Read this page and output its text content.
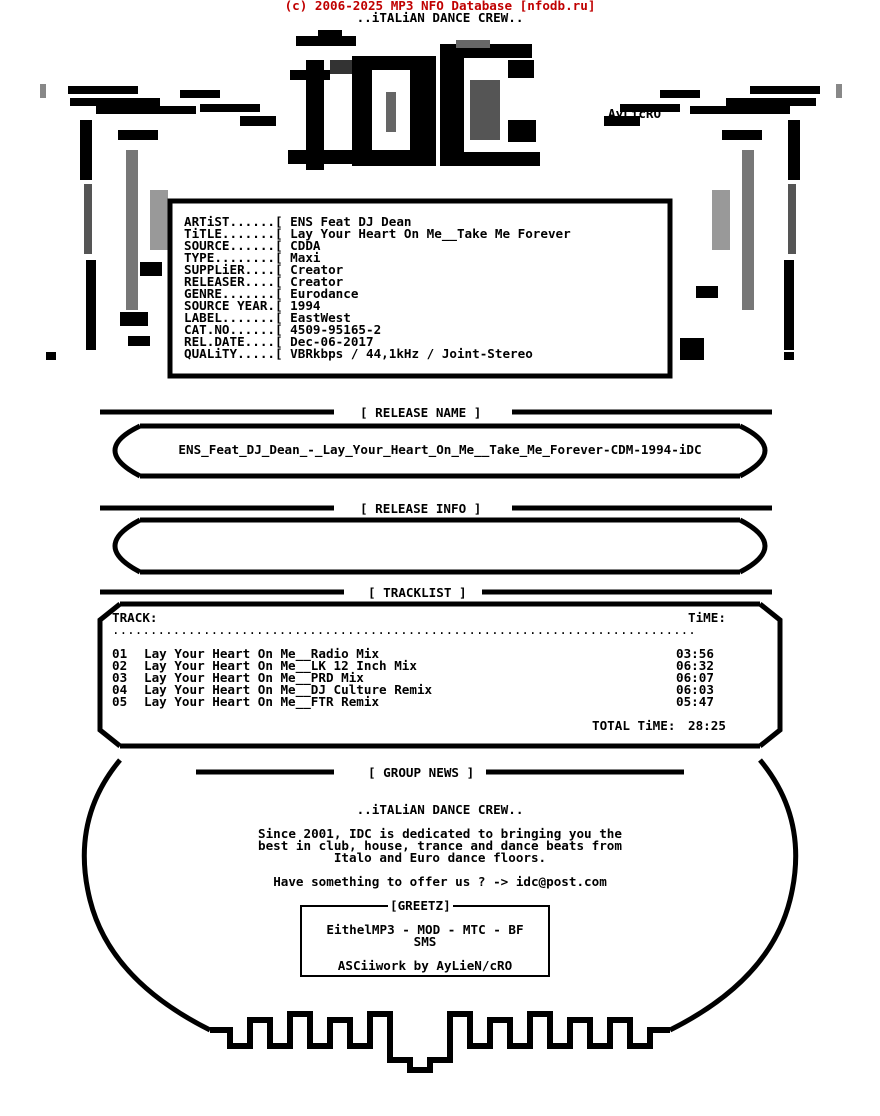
(c) 2006-2025 MP3 NFO Database [nfodb.ru]
..iTALiAN DANCE CREW..
AyLicRO
ARTiST......[ ENS Feat DJ Dean
TiTLE.......[ Lay Your Heart On Me__Take Me Forever
SOURCE......[ CDDA
TYPE........[ Maxi
SUPPLiER....[ Creator
RELEASER....[ Creator
GENRE.......[ Eurodance
SOURCE YEAR.[ 1994
LABEL.......[ EastWest
CAT.NO......[ 4509-95165-2
REL.DATE....[ Dec-06-2017
QUALiTY.....[ VBRkbps / 44,1kHz / Joint-Stereo
[ RELEASE NAME ]
ENS_Feat_DJ_Dean_-_Lay_Your_Heart_On_Me__Take_Me_Forever-CDM-1994-iDC
[ RELEASE INFO ]
[ TRACKLIST ]
TRACK:	TiME:
.............................................................................
01 Lay Your Heart On Me__Radio Mix	03:56
02 Lay Your Heart On Me__LK 12 Inch Mix	06:32
03 Lay Your Heart On Me__PRD Mix	06:07
04 Lay Your Heart On Me__DJ Culture Remix	06:03
05 Lay Your Heart On Me__FTR Remix	05:47
TOTAL TiME: 28:25
[ GROUP NEWS ]
..iTALiAN DANCE CREW..
Since 2001, IDC is dedicated to bringing you the
best in club, house, trance and dance beats from
Italo and Euro dance floors.
Have something to offer us ? -> idc@post.com
[GREETZ]
EithelMP3 - MOD - MTC - BF
SMS
ASCiiwork by AyLieN/cRO
